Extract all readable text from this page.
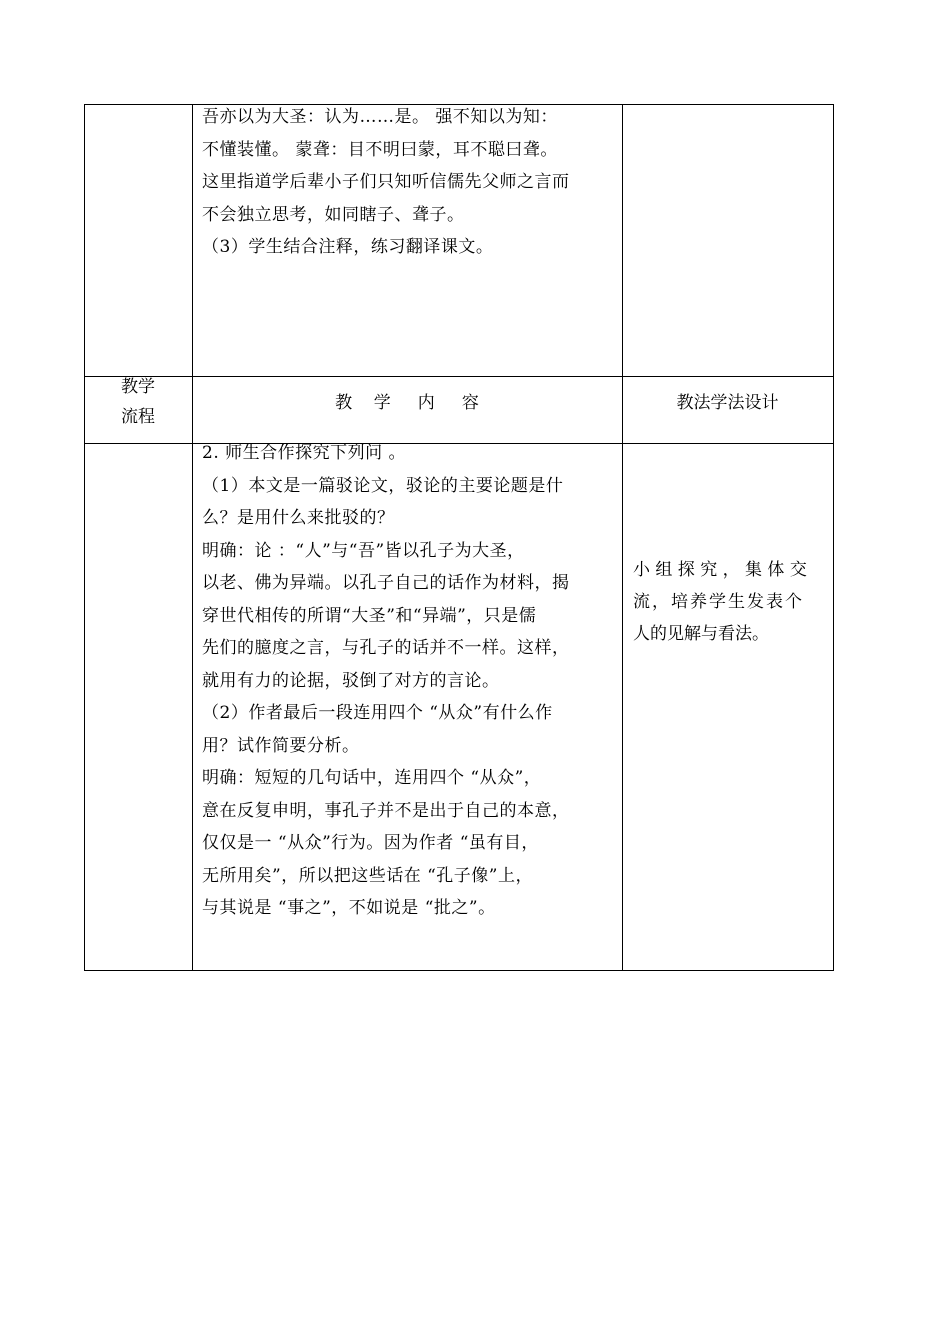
吾亦以为大圣：认为……是。 强不知以为知：
不懂装懂。 蒙聋：目不明曰蒙，耳不聪曰聋。
这里指道学后辈小子们只知听信儒先父师之言而
不会独立思考，如同瞎子、聋子。
（3）学生结合注释，练习翻译课文。
教学
流程
教    学     内     容	教法学法设计
2. 师生合作探究下列问 。
（1）本文是一篇驳论文，驳论的主要论题是什
么？是用什么来批驳的？
明确：论 ：“人”与“吾”皆以孔子为大圣，
以老、佛为异端。以孔子自己的话作为材料，揭
穿世代相传的所谓“大圣”和“异端”，只是儒
先们的臆度之言，与孔子的话并不一样。这样，
就用有力的论据，驳倒了对方的言论。
（2）作者最后一段连用四个 “从众”有什么作
用？试作简要分析。
明确：短短的几句话中，连用四个 “从众”，
意在反复申明，事孔子并不是出于自己的本意，
仅仅是一 “从众”行为。因为作者 “虽有目，
无所用矣”，所以把这些话在 “孔子像”上，
与其说是 “事之”，不如说是 “批之”。
小 组 探 究 ， 集 体 交
流，培养学生发表个
人的见解与看法。
